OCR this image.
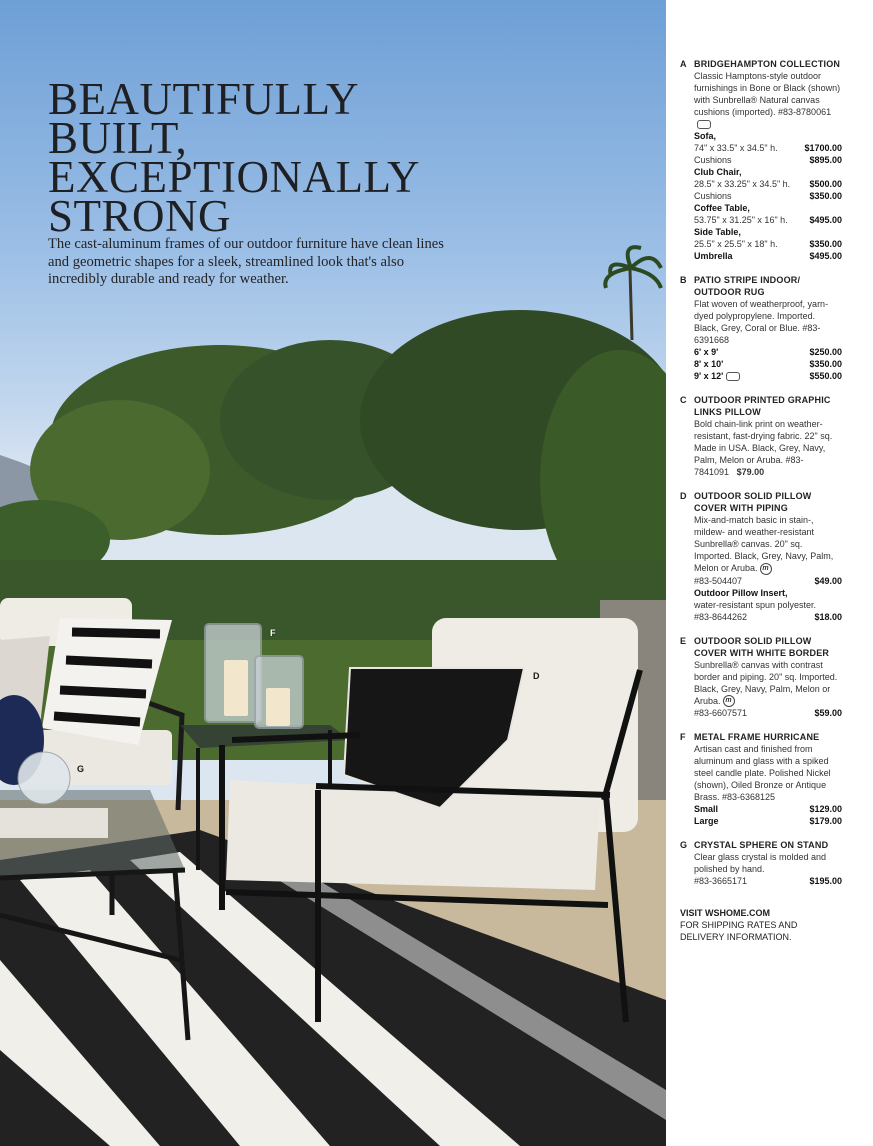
BEAUTIFULLY
BUILT,
EXCEPTIONALLY
STRONG

The cast-aluminum frames of our outdoor furniture have clean lines and geometric shapes for a sleek, streamlined look that's also incredibly durable and ready for weather.

F
D
G
A BRIDGEHAMPTON COLLECTION
Classic Hamptons-style outdoor furnishings in Bone or Black (shown) with Sunbrella® Natural canvas cushions (imported). #83-8780061
Sofa,
74" x 33.5" x 34.5" h.	$1700.00
Cushions	$895.00
Club Chair,
28.5" x 33.25" x 34.5" h. $500.00
Cushions	$350.00
Coffee Table,
53.75" x 31.25" x 16" h. $495.00
Side Table,
25.5" x 25.5" x 18" h.	$350.00
Umbrella	$495.00
B PATIO STRIPE INDOOR/ OUTDOOR RUG
Flat woven of weatherproof, yarn-dyed polypropylene. Imported. Black, Grey, Coral or Blue. #83-6391668
6' x 9'	$250.00
8' x 10'	$350.00
9' x 12'	$550.00
C OUTDOOR PRINTED GRAPHIC LINKS PILLOW
Bold chain-link print on weather-resistant, fast-drying fabric. 22" sq. Made in USA. Black, Grey, Navy, Palm, Melon or Aruba. #83-7841091 $79.00
D OUTDOOR SOLID PILLOW COVER WITH PIPING
Mix-and-match basic in stain-, mildew- and weather-resistant Sunbrella® canvas. 20" sq. Imported. Black, Grey, Navy, Palm, Melon or Aruba. m
#83-504407	$49.00
Outdoor Pillow Insert,
water-resistant spun polyester.
#83-8644262	$18.00
E OUTDOOR SOLID PILLOW COVER WITH WHITE BORDER
Sunbrella® canvas with contrast border and piping. 20" sq. Imported. Black, Grey, Navy, Palm, Melon or Aruba. m
#83-6607571	$59.00
F METAL FRAME HURRICANE
Artisan cast and finished from aluminum and glass with a spiked steel candle plate. Polished Nickel (shown), Oiled Bronze or Antique Brass. #83-6368125
Small	$129.00
Large	$179.00
G CRYSTAL SPHERE ON STAND
Clear glass crystal is molded and polished by hand.
#83-3665171	$195.00
VISIT WSHOME.COM
FOR SHIPPING RATES AND DELIVERY INFORMATION.
